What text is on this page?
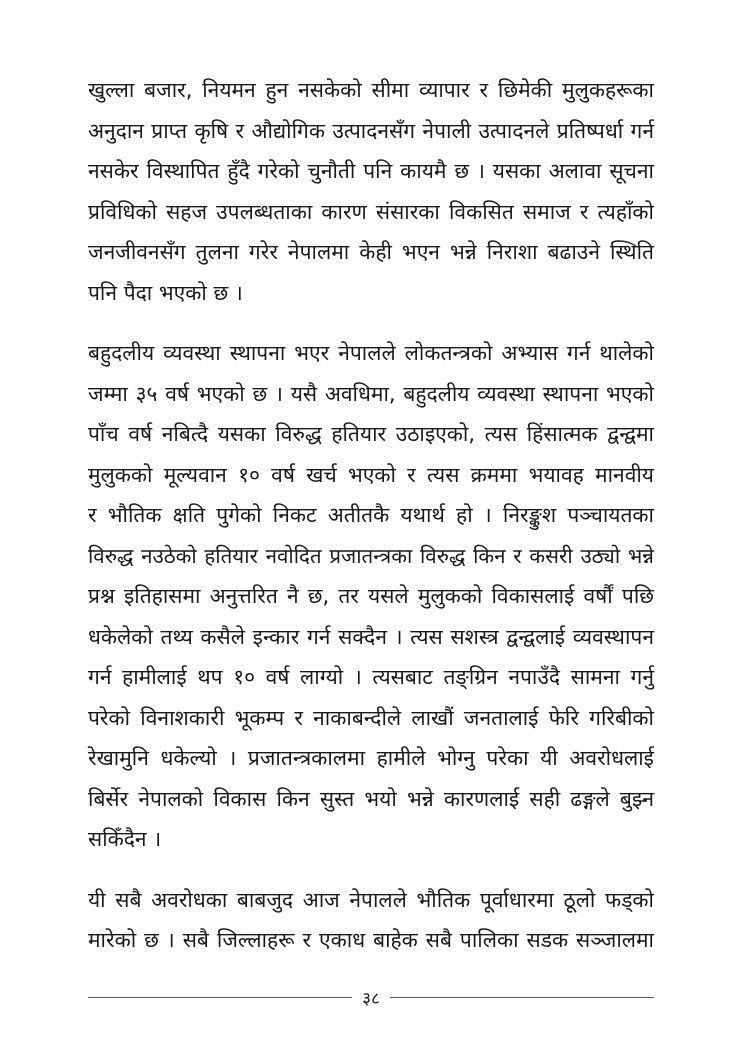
खुल्ला बजार, नियमन हुन नसकेको सीमा व्यापार र छिमेकी मुलुकहरूका
अनुदान प्राप्त कृषि र औद्योगिक उत्पादनसँग नेपाली उत्पादनले प्रतिष्पर्धा गर्न
नसकेर विस्थापित हुँदै गरेको चुनौती पनि कायमै छ । यसका अलावा सूचना
प्रविधिको सहज उपलब्धताका कारण संसारका विकसित समाज र त्यहाँको
जनजीवनसँग तुलना गरेर नेपालमा केही भएन भन्ने निराशा बढाउने स्थिति
पनि पैदा भएको छ ।

बहुदलीय व्यवस्था स्थापना भएर नेपालले लोकतन्त्रको अभ्यास गर्न थालेको
जम्मा ३५ वर्ष भएको छ । यसै अवधिमा, बहुदलीय व्यवस्था स्थापना भएको
पाँच वर्ष नबित्दै यसका विरुद्ध हतियार उठाइएको, त्यस हिंसात्मक द्वन्द्वमा
मुलुकको मूल्यवान १० वर्ष खर्च भएको र त्यस क्रममा भयावह मानवीय
र भौतिक क्षति पुगेको निकट अतीतकै यथार्थ हो । निरङ्कुश पञ्चायतका
विरुद्ध नउठेको हतियार नवोदित प्रजातन्त्रका विरुद्ध किन र कसरी उठ्यो भन्ने
प्रश्न इतिहासमा अनुत्तरित नै छ, तर यसले मुलुकको विकासलाई वर्षौं पछि
धकेलेको तथ्य कसैले इन्कार गर्न सक्दैन । त्यस सशस्त्र द्वन्द्वलाई व्यवस्थापन
गर्न हामीलाई थप १० वर्ष लाग्यो । त्यसबाट तङ्ग्रिन नपाउँदै सामना गर्नु
परेको विनाशकारी भूकम्प र नाकाबन्दीले लाखौं जनतालाई फेरि गरिबीको
रेखामुनि धकेल्यो । प्रजातन्त्रकालमा हामीले भोग्नु परेका यी अवरोधलाई
बिर्सेर नेपालको विकास किन सुस्त भयो भन्ने कारणलाई सही ढङ्गले बुझ्न
सकिँदैन ।

यी सबै अवरोधका बाबजुद आज नेपालले भौतिक पूर्वाधारमा ठूलो फड्को
मारेको छ । सबै जिल्लाहरू र एकाध बाहेक सबै पालिका सडक सञ्जालमा

३८
